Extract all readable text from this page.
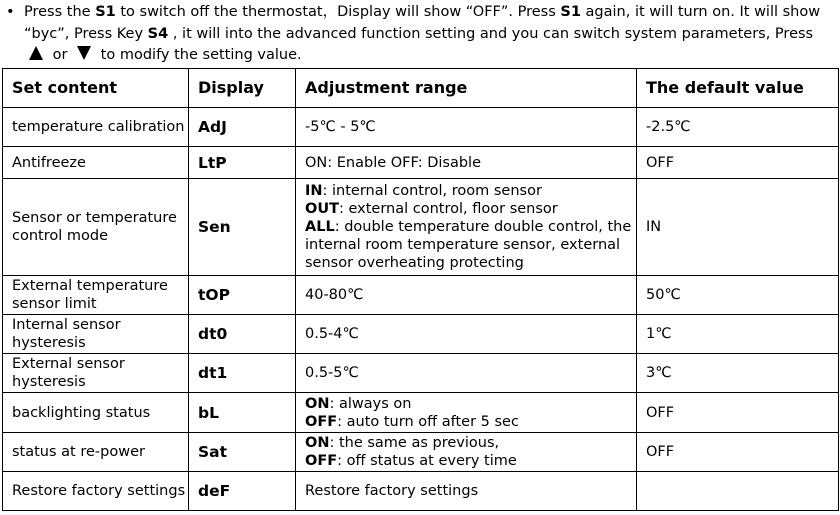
• Press the S1 to switch off the thermostat，Display will show “OFF”. Press S1 again, it will turn on. It will show “byc”, Press Key S4 , it will into the advanced function setting and you can switch system parameters, Press  or  to modify the setting value.
Set content	Display	Adjustment range	The default value
temperature calibration	AdJ	-5℃ - 5℃	-2.5℃
Antifreeze	LtP	ON: Enable OFF: Disable	OFF
Sensor or temperature control mode	Sen	IN: internal control, room sensor
OUT: external control, floor sensor
ALL: double temperature double control, the internal room temperature sensor, external sensor overheating protecting	IN
External temperature sensor limit	tOP	40-80℃	50℃
Internal sensor hysteresis	dt0	0.5-4℃	1℃
External sensor hysteresis	dt1	0.5-5℃	3℃
backlighting status	bL	ON: always on
OFF: auto turn off after 5 sec	OFF
status at re-power	Sat	ON: the same as previous,
OFF: off status at every time	OFF
Restore factory settings	deF	Restore factory settings	
